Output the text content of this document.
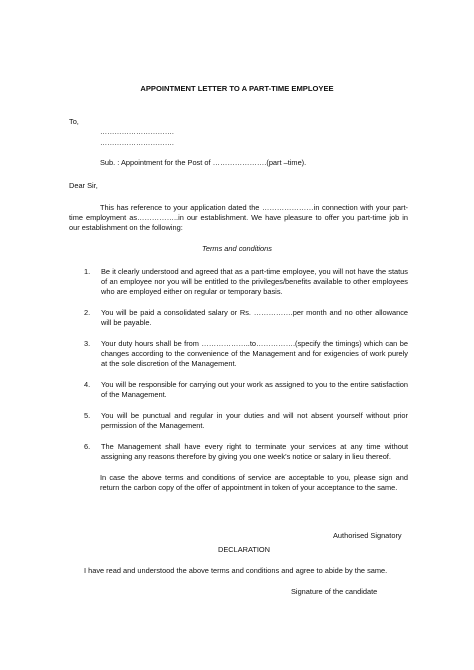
APPOINTMENT LETTER TO A PART-TIME EMPLOYEE
To,
………………………….
………………………….
Sub. : Appointment for the Post of ………………….(part –time).
Dear Sir,
This has reference to your application dated the …………………in connection with your part-time employment as……………..in our establishment. We have pleasure to offer you part-time job in our establishment on the following:
Terms and conditions
1. Be it clearly understood and agreed that as a part-time employee, you will not have the status of an employee nor you will be entitled to the privileges/benefits available to other employees who are employed either on regular or temporary basis.
2. You will be paid a consolidated salary or Rs. …………….per month and no other allowance will be payable.
3. Your duty hours shall be from ………………..to…………….(specify the timings) which can be changes according to the convenience of the Management and for exigencies of work purely at the sole discretion of the Management.
4. You will be responsible for carrying out your work as assigned to you to the entire satisfaction of the Management.
5. You will be punctual and regular in your duties and will not absent yourself without prior permission of the Management.
6. The Management shall have every right to terminate your services at any time without assigning any reasons therefore by giving you one week’s notice or salary in lieu thereof.
In case the above terms and conditions of service are acceptable to you, please sign and return the carbon copy of the offer of appointment in token of your acceptance to the same.
Authorised Signatory
DECLARATION
I have read and understood the above terms and conditions and agree to abide by the same.
Signature of the candidate
